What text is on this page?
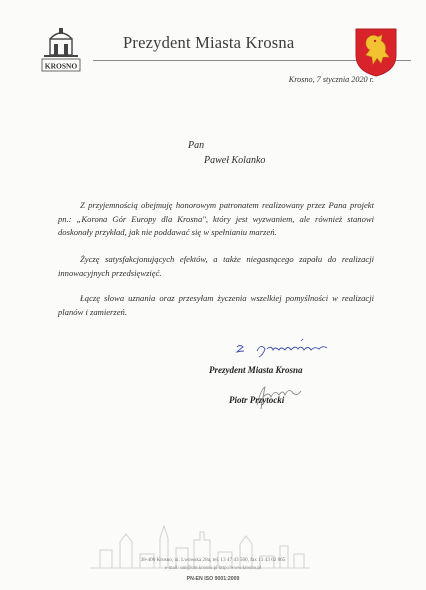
KROSNO
Prezydent Miasta Krosna
Krosno, 7 stycznia 2020 r.
Pan
Paweł Kolanko
Z przyjemnością obejmuję honorowym patronatem realizowany przez Pana projekt pn.: „Korona Gór Europy dla Krosna", który jest wyzwaniem, ale również stanowi doskonały przykład, jak nie poddawać się w spełnianiu marzeń.
Życzę satysfakcjonujących efektów, a także niegasnącego zapału do realizacji innowacyjnych przedsięwzięć.
Łączę słowa uznania oraz przesyłam życzenia wszelkiej pomyślności w realizacji planów i zamierzeń.
Prezydent Miasta Krosna
Piotr Przytocki
38-400 Krosno, ul. Lwowska 28a, tel. 13 47 43 560, fax 13 43 62 865
e-mail: um@um.krosno.pl http://www.krosno.pl
PN-EN ISO 9001:2009
